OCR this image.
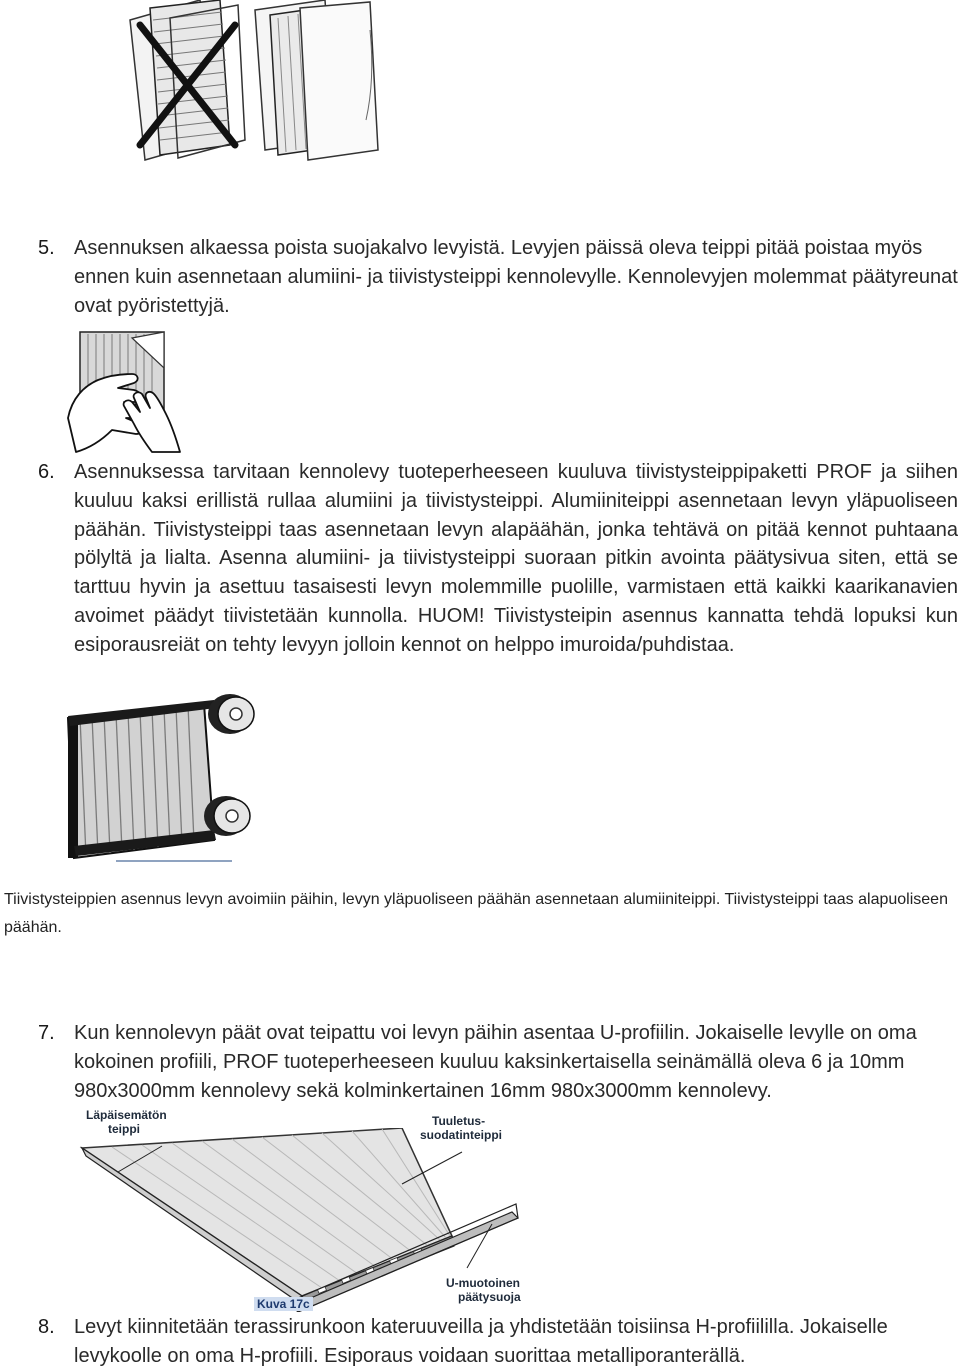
5. Asennuksen alkaessa poista suojakalvo levyistä. Levyjen päissä oleva teippi pitää poistaa myös ennen kuin asennetaan alumiini- ja tiivistysteippi kennolevylle. Kennolevyjen molemmat päätyreunat ovat pyöristettyjä.
6. Asennuksessa tarvitaan kennolevy tuoteperheeseen kuuluva tiivistysteippipaketti PROF ja siihen kuuluu kaksi erillistä rullaa alumiini ja tiivistysteippi. Alumiiniteippi asennetaan levyn yläpuoliseen päähän. Tiivistysteippi taas asennetaan levyn alapäähän, jonka tehtävä on pitää kennot puhtaana pölyltä ja lialta. Asenna alumiini- ja tiivistysteippi suoraan pitkin avointa päätysivua siten, että se tarttuu hyvin ja asettuu tasaisesti levyn molemmille puolille, varmistaen että kaikki kaarikanavien avoimet päädyt tiivistetään kunnolla. HUOM! Tiivistysteipin asennus kannatta tehdä lopuksi kun esiporausreiät on tehty levyyn jolloin kennot on helppo imuroida/puhdistaa.
Tiivistysteippien asennus levyn avoimiin päihin, levyn yläpuoliseen päähän asennetaan alumiiniteippi. Tiivistysteippi taas alapuoliseen päähän.
7. Kun kennolevyn päät ovat teipattu voi levyn päihin asentaa U-profiilin. Jokaiselle levylle on oma kokoinen profiili, PROF tuoteperheeseen kuuluu kaksinkertaisella seinämällä oleva 6 ja 10mm 980x3000mm kennolevy sekä kolminkertainen 16mm 980x3000mm kennolevy.
Läpäisemätön
teippi
Tuuletus-
suodatinteippi
U-muotoinen
päätysuoja
Kuva 17c
8. Levyt kiinnitetään terassirunkoon kateruuveilla ja yhdistetään toisiinsa H-profiililla. Jokaiselle levykoolle on oma H-profiili. Esiporaus voidaan suorittaa metalliporanterällä.
